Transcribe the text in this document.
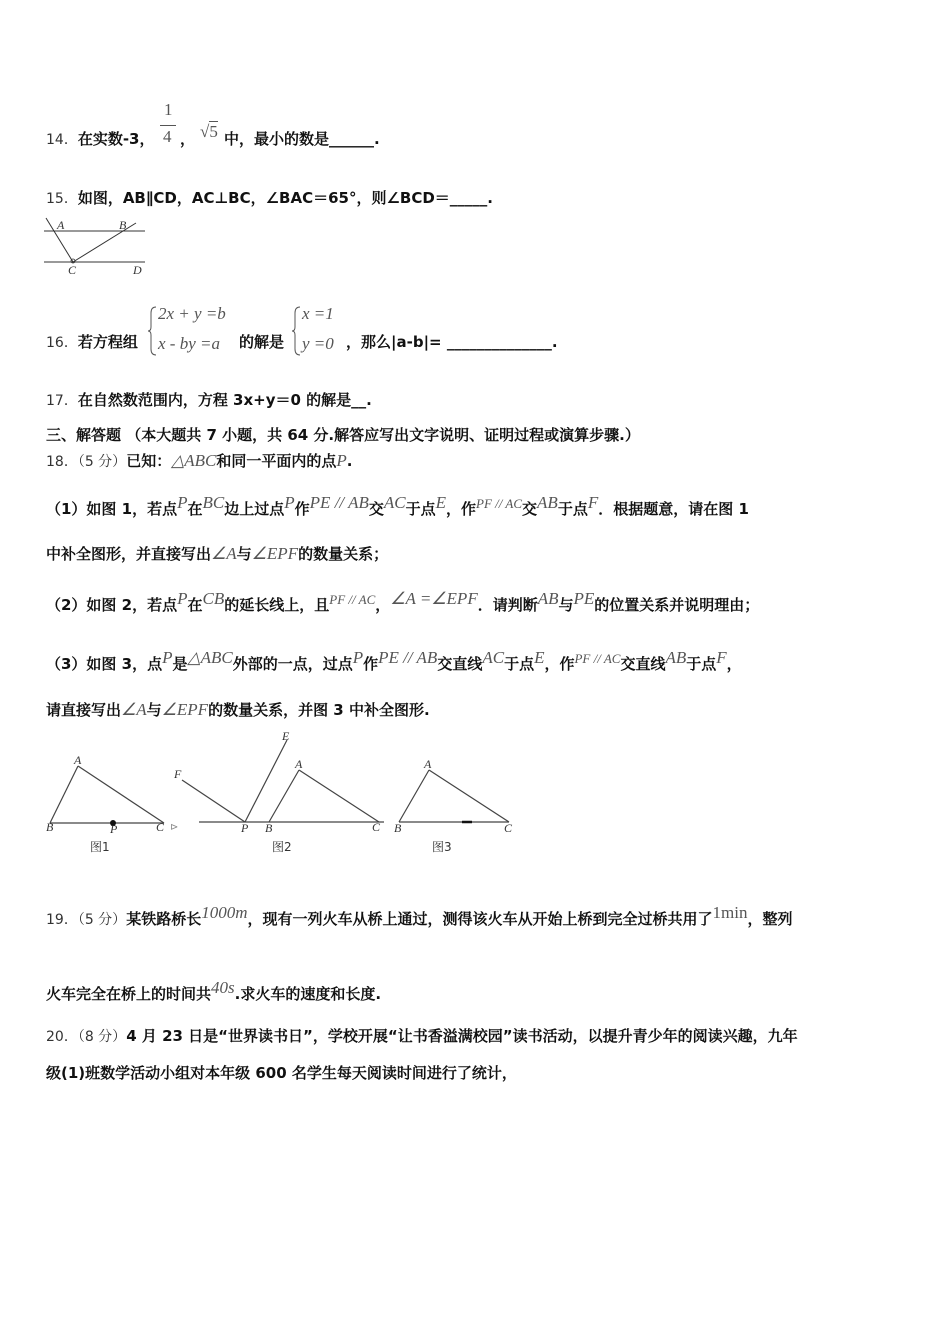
14．在实数-3，
1
4 ， √5 中，最小的数是______.
15．如图，AB∥CD，AC⊥BC，∠BAC＝65°，则∠BCD＝_____.
A	B
C	D
16．若方程组
2x + y =b
x - by =a 的解是
x =1
y =0 ，那么|a-b|= ______________.
17．在自然数范围内，方程 3x+y＝0 的解是__.
三、解答题 （本大题共 7 小题，共 64 分.解答应写出文字说明、证明过程或演算步骤.）
18．（5 分）已知：△ABC和同一平面内的点P.
（1）如图 1，若点$^P$在$^{BC}$边上过点$^P$作$^{PE // AB}$交$^{AC}$于点$^E$，作$^{PF // AC}$交$^{AB}$于点$^F$．根据题意，请在图 1
中补全图形，并直接写出∠A与∠EPF的数量关系；
（2）如图 2，若点$^P$在$^{CB}$的延长线上，且$^{PF // AC}$，$^{\angle A =\angle EPF}$．请判断$^{AB}$与$^{PE}$的位置关系并说明理由；
（3）如图 3，点$^P$是$^{\triangle ABC}$外部的一点，过点$^P$作$^{PE // AB}$交直线$^{AC}$于点$^E$，作$^{PF // AC}$交直线$^{AB}$于点$^F$，
请直接写出∠A与∠EPF的数量关系，并图 3 中补全图形.
A
B	P	C ⊳
图1
F
E
A
P B	C
图2
A
B	C
图3
19．（5 分）某铁路桥长$^{1000m}$，现有一列火车从桥上通过，测得该火车从开始上桥到完全过桥共用了$^{1min}$，整列
火车完全在桥上的时间共$^{40s}$.求火车的速度和长度.
20．（8 分）4 月 23 日是“世界读书日”，学校开展“让书香溢满校园”读书活动，以提升青少年的阅读兴趣，九年
级(1)班数学活动小组对本年级 600 名学生每天阅读时间进行了统计，
